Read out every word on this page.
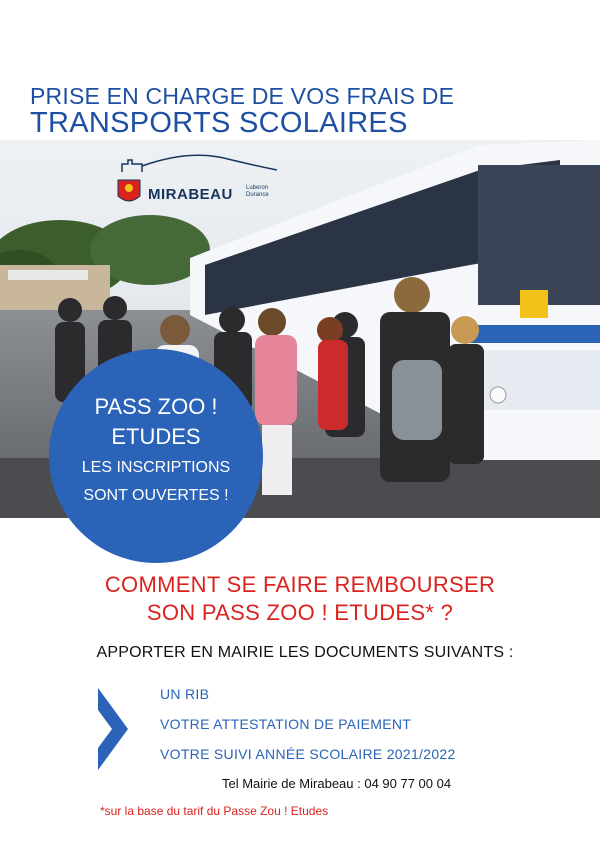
PRISE EN CHARGE DE VOS FRAIS DE
TRANSPORTS SCOLAIRES
MIRABEAU Luberon
Durance
PASS ZOO !
ETUDES
LES INSCRIPTIONS
SONT OUVERTES !
COMMENT SE FAIRE REMBOURSER
SON PASS ZOO ! ETUDES* ?
APPORTER EN MAIRIE LES DOCUMENTS SUIVANTS :
UN RIB
VOTRE ATTESTATION DE PAIEMENT
VOTRE SUIVI ANNÉE SCOLAIRE 2021/2022
Tel Mairie de Mirabeau : 04 90 77 00 04
*sur la base du tarif du Passe Zou ! Etudes
